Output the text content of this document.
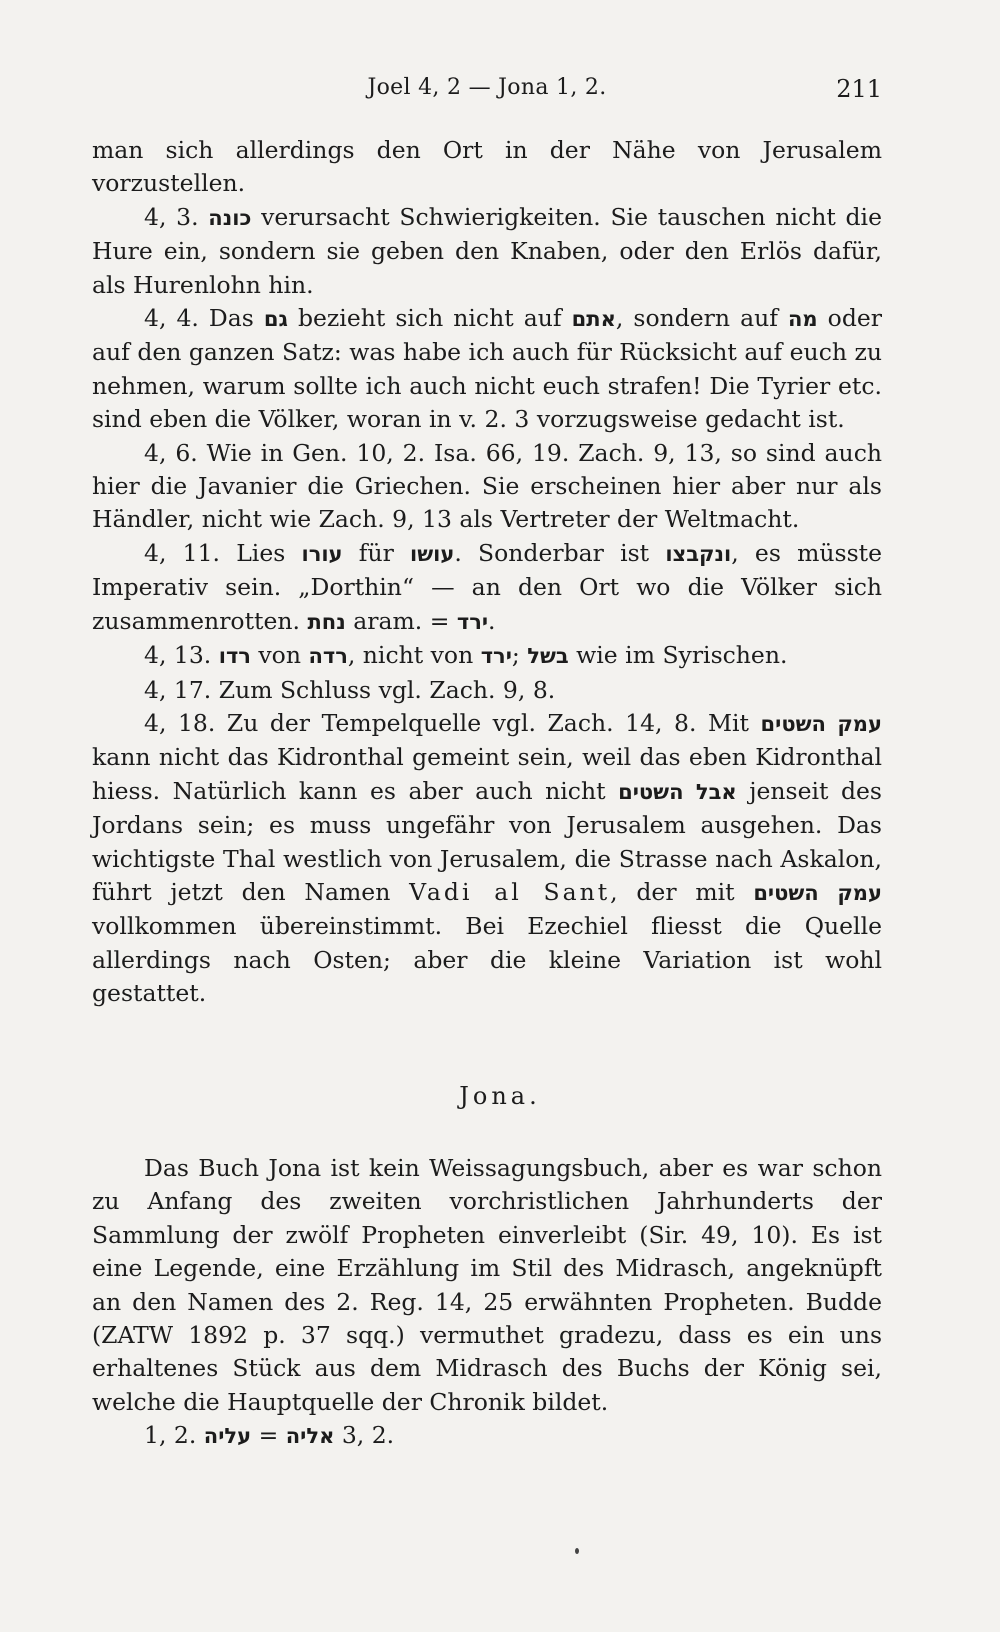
Joel 4, 2 — Jona 1, 2.	211

man sich allerdings den Ort in der Nähe von Jerusalem vorzustellen.

4, 3. כונה verursacht Schwierigkeiten. Sie tauschen nicht die Hure ein, sondern sie geben den Knaben, oder den Erlös dafür, als Hurenlohn hin.

4, 4. Das גם bezieht sich nicht auf אתם, sondern auf מה oder auf den ganzen Satz: was habe ich auch für Rücksicht auf euch zu nehmen, warum sollte ich auch nicht euch strafen! Die Tyrier etc. sind eben die Völker, woran in v. 2. 3 vorzugsweise gedacht ist.

4, 6. Wie in Gen. 10, 2. Isa. 66, 19. Zach. 9, 13, so sind auch hier die Javanier die Griechen. Sie erscheinen hier aber nur als Händler, nicht wie Zach. 9, 13 als Vertreter der Weltmacht.

4, 11. Lies עורו für עושו. Sonderbar ist ונקבצו, es müsste Imperativ sein. „Dorthin“ — an den Ort wo die Völker sich zusammenrotten. נחת aram. = ירד.

4, 13. רדו von רדה, nicht von ירד; בשל wie im Syrischen.

4, 17. Zum Schluss vgl. Zach. 9, 8.

4, 18. Zu der Tempelquelle vgl. Zach. 14, 8. Mit עמק השטים kann nicht das Kidronthal gemeint sein, weil das eben Kidronthal hiess. Natürlich kann es aber auch nicht אבל השטים jenseit des Jordans sein; es muss ungefähr von Jerusalem ausgehen. Das wichtigste Thal westlich von Jerusalem, die Strasse nach Askalon, führt jetzt den Namen Vadi al Sant, der mit עמק השטים vollkommen übereinstimmt. Bei Ezechiel fliesst die Quelle allerdings nach Osten; aber die kleine Variation ist wohl gestattet.

Jona.

Das Buch Jona ist kein Weissagungsbuch, aber es war schon zu Anfang des zweiten vorchristlichen Jahrhunderts der Sammlung der zwölf Propheten einverleibt (Sir. 49, 10). Es ist eine Legende, eine Erzählung im Stil des Midrasch, angeknüpft an den Namen des 2. Reg. 14, 25 erwähnten Propheten. Budde (ZATW 1892 p. 37 sqq.) vermuthet gradezu, dass es ein uns erhaltenes Stück aus dem Midrasch des Buchs der König sei, welche die Hauptquelle der Chronik bildet.

1, 2. עליה = אליה 3, 2.
